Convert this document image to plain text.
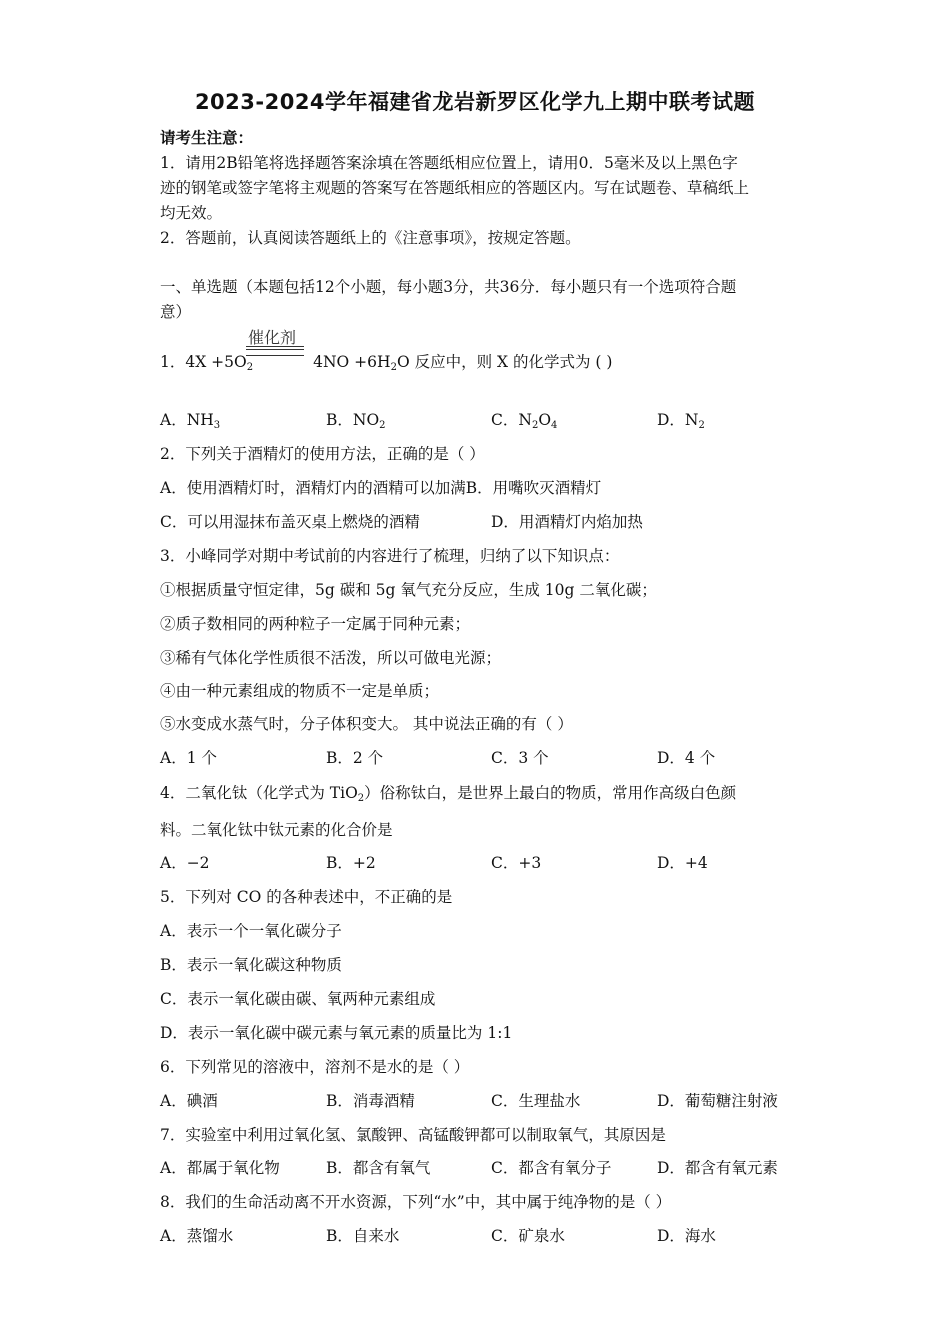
2023-2024学年福建省龙岩新罗区化学九上期中联考试题
请考生注意：
1．请用2B铅笔将选择题答案涂填在答题纸相应位置上，请用0．5毫米及以上黑色字
迹的钢笔或签字笔将主观题的答案写在答题纸相应的答题区内。写在试题卷、草稿纸上
均无效。
2．答题前，认真阅读答题纸上的《注意事项》，按规定答题。
一、单选题（本题包括12个小题，每小题3分，共36分．每小题只有一个选项符合题
意）
催化剂
1．$4X +5O_2$	$4NO +6H_2O$ 反应中，则 X 的化学式为 ( )
A．$NH_3$	B．$NO_2$	C．$N_2O_4$	D．$N_2$
2．下列关于酒精灯的使用方法，正确的是（ ）
A．使用酒精灯时，酒精灯内的酒精可以加满B．用嘴吹灭酒精灯
C．可以用湿抹布盖灭桌上燃烧的酒精	D．用酒精灯内焰加热
3．小峰同学对期中考试前的内容进行了梳理，归纳了以下知识点：
①根据质量守恒定律，5g 碳和 5g 氧气充分反应，生成 10g 二氧化碳；
②质子数相同的两种粒子一定属于同种元素；
③稀有气体化学性质很不活泼，所以可做电光源；
④由一种元素组成的物质不一定是单质；
⑤水变成水蒸气时，分子体积变大。 其中说法正确的有（ ）
A．1 个	B．2 个	C．3 个	D．4 个
4．二氧化钛（化学式为 TiO$_2$）俗称钛白，是世界上最白的物质，常用作高级白色颜
料。二氧化钛中钛元素的化合价是
A．−2	B．+2	C．+3	D．+4
5．下列对 CO 的各种表述中，不正确的是
A．表示一个一氧化碳分子
B．表示一氧化碳这种物质
C．表示一氧化碳由碳、氧两种元素组成
D．表示一氧化碳中碳元素与氧元素的质量比为 1:1
6．下列常见的溶液中，溶剂不是水的是（ ）
A．碘酒	B．消毒酒精	C．生理盐水	D．葡萄糖注射液
7．实验室中利用过氧化氢、氯酸钾、高锰酸钾都可以制取氧气，其原因是
A．都属于氧化物	B．都含有氧气	C．都含有氧分子	D．都含有氧元素
8．我们的生命活动离不开水资源，下列“水”中，其中属于纯净物的是（ ）
A．蒸馏水	B．自来水	C．矿泉水	D．海水
